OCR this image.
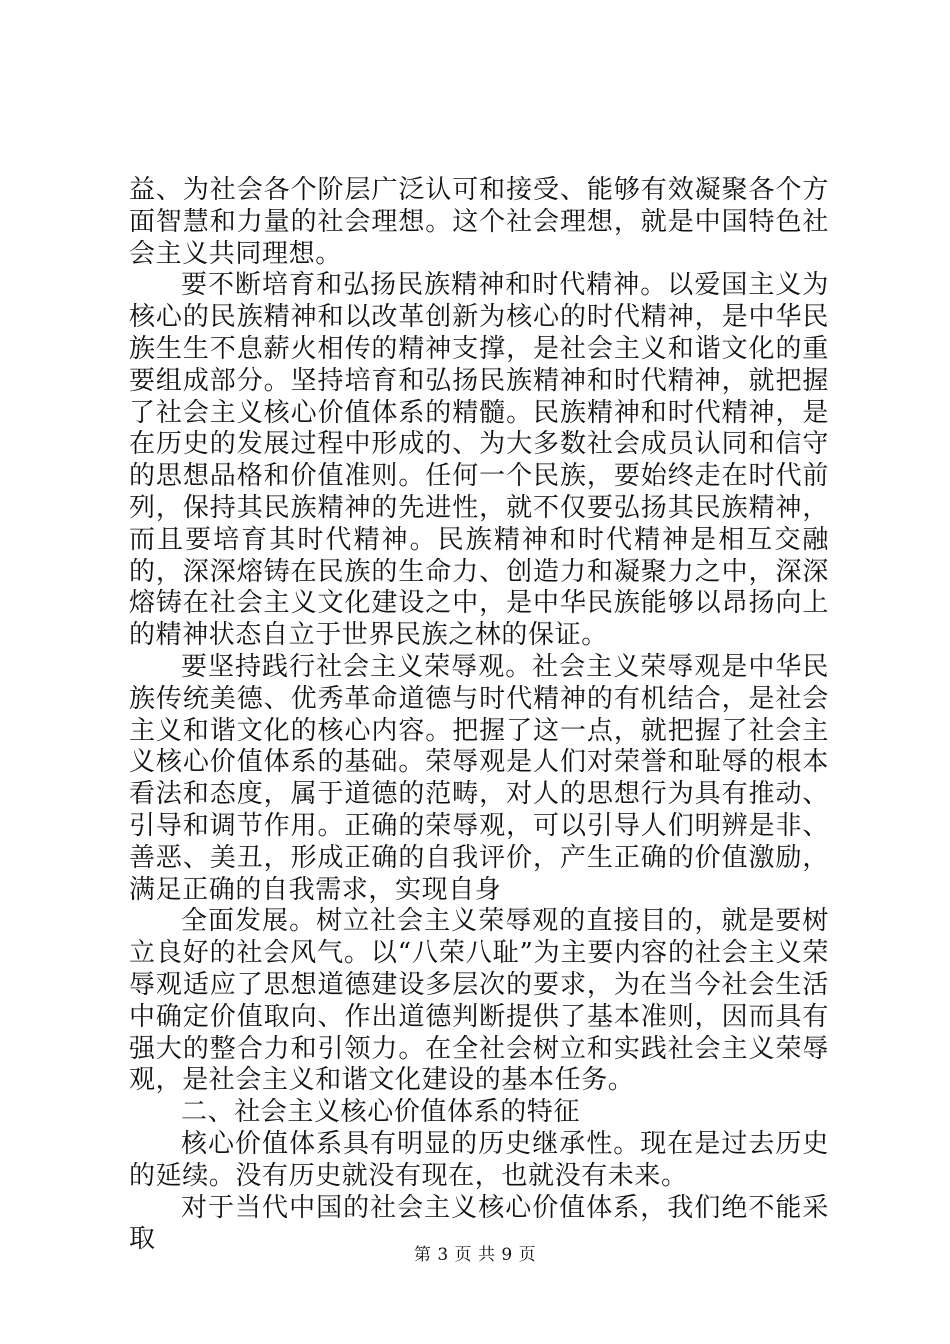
益、为社会各个阶层广泛认可和接受、能够有效凝聚各个方面智慧和力量的社会理想。这个社会理想，就是中国特色社会主义共同理想。

要不断培育和弘扬民族精神和时代精神。以爱国主义为核心的民族精神和以改革创新为核心的时代精神，是中华民族生生不息薪火相传的精神支撑，是社会主义和谐文化的重要组成部分。坚持培育和弘扬民族精神和时代精神，就把握了社会主义核心价值体系的精髓。民族精神和时代精神，是在历史的发展过程中形成的、为大多数社会成员认同和信守的思想品格和价值准则。任何一个民族，要始终走在时代前列，保持其民族精神的先进性，就不仅要弘扬其民族精神，而且要培育其时代精神。民族精神和时代精神是相互交融的，深深熔铸在民族的生命力、创造力和凝聚力之中，深深熔铸在社会主义文化建设之中，是中华民族能够以昂扬向上的精神状态自立于世界民族之林的保证。

要坚持践行社会主义荣辱观。社会主义荣辱观是中华民族传统美德、优秀革命道德与时代精神的有机结合，是社会主义和谐文化的核心内容。把握了这一点，就把握了社会主义核心价值体系的基础。荣辱观是人们对荣誉和耻辱的根本看法和态度，属于道德的范畴，对人的思想行为具有推动、引导和调节作用。正确的荣辱观，可以引导人们明辨是非、善恶、美丑，形成正确的自我评价，产生正确的价值激励，满足正确的自我需求，实现自身

全面发展。树立社会主义荣辱观的直接目的，就是要树立良好的社会风气。以“八荣八耻”为主要内容的社会主义荣辱观适应了思想道德建设多层次的要求，为在当今社会生活中确定价值取向、作出道德判断提供了基本准则，因而具有强大的整合力和引领力。在全社会树立和实践社会主义荣辱观，是社会主义和谐文化建设的基本任务。

二、社会主义核心价值体系的特征

核心价值体系具有明显的历史继承性。现在是过去历史的延续。没有历史就没有现在，也就没有未来。

对于当代中国的社会主义核心价值体系，我们绝不能采取

第 3 页 共 9 页
